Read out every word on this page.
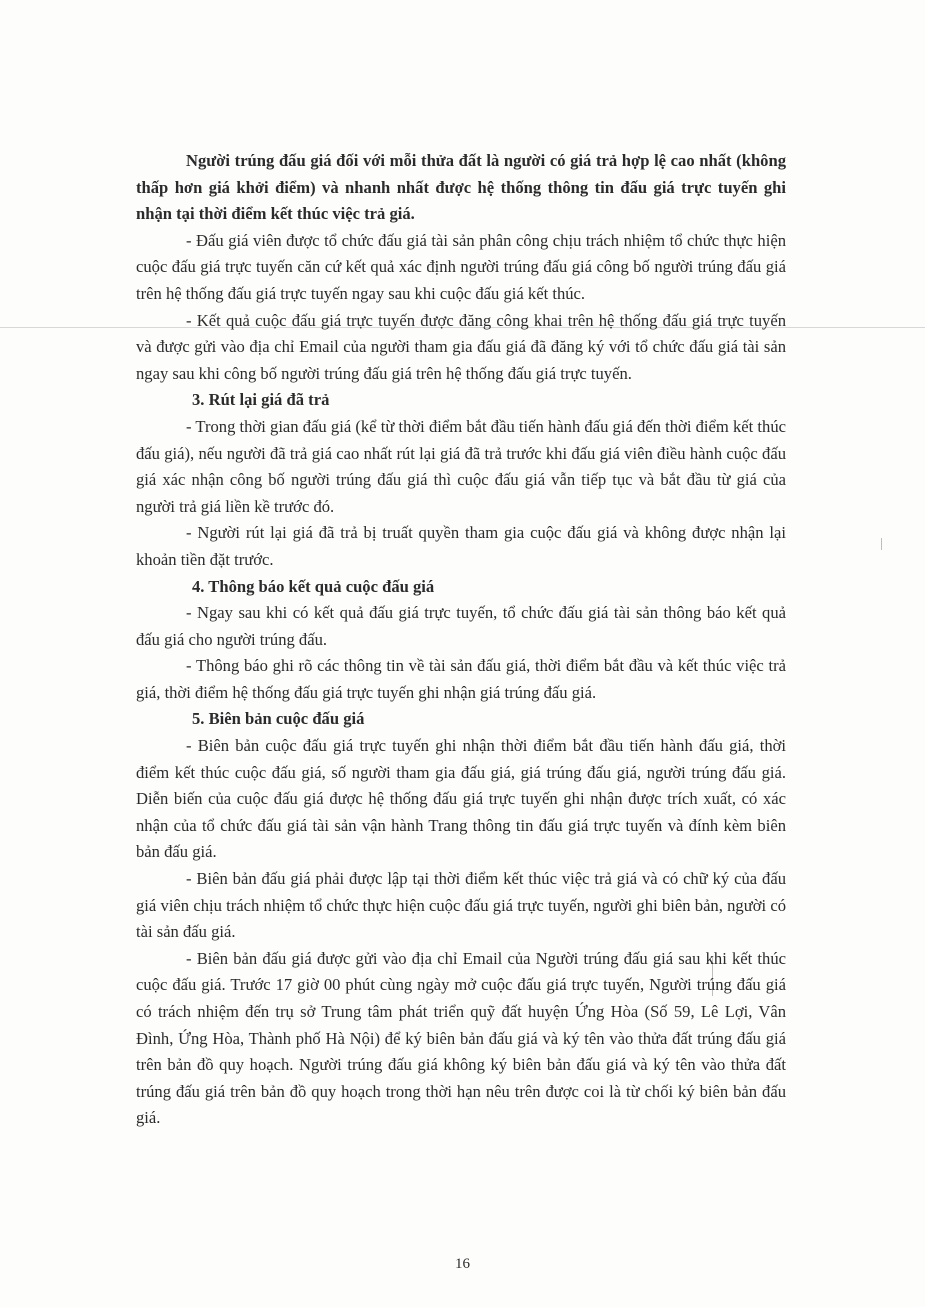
Người trúng đấu giá đối với mỗi thửa đất là người có giá trả hợp lệ cao nhất (không thấp hơn giá khởi điểm) và nhanh nhất được hệ thống thông tin đấu giá trực tuyến ghi nhận tại thời điểm kết thúc việc trả giá.

- Đấu giá viên được tổ chức đấu giá tài sản phân công chịu trách nhiệm tổ chức thực hiện cuộc đấu giá trực tuyến căn cứ kết quả xác định người trúng đấu giá công bố người trúng đấu giá trên hệ thống đấu giá trực tuyến ngay sau khi cuộc đấu giá kết thúc.

- Kết quả cuộc đấu giá trực tuyến được đăng công khai trên hệ thống đấu giá trực tuyến và được gửi vào địa chỉ Email của người tham gia đấu giá đã đăng ký với tổ chức đấu giá tài sản ngay sau khi công bố người trúng đấu giá trên hệ thống đấu giá trực tuyến.

3. Rút lại giá đã trả

- Trong thời gian đấu giá (kể từ thời điểm bắt đầu tiến hành đấu giá đến thời điểm kết thúc đấu giá), nếu người đã trả giá cao nhất rút lại giá đã trả trước khi đấu giá viên điều hành cuộc đấu giá xác nhận công bố người trúng đấu giá thì cuộc đấu giá vẫn tiếp tục và bắt đầu từ giá của người trả giá liền kề trước đó.

- Người rút lại giá đã trả bị truất quyền tham gia cuộc đấu giá và không được nhận lại khoản tiền đặt trước.

4. Thông báo kết quả cuộc đấu giá

- Ngay sau khi có kết quả đấu giá trực tuyến, tổ chức đấu giá tài sản thông báo kết quả đấu giá cho người trúng đấu.

- Thông báo ghi rõ các thông tin về tài sản đấu giá, thời điểm bắt đầu và kết thúc việc trả giá, thời điểm hệ thống đấu giá trực tuyến ghi nhận giá trúng đấu giá.

5. Biên bản cuộc đấu giá

- Biên bản cuộc đấu giá trực tuyến ghi nhận thời điểm bắt đầu tiến hành đấu giá, thời điểm kết thúc cuộc đấu giá, số người tham gia đấu giá, giá trúng đấu giá, người trúng đấu giá. Diễn biến của cuộc đấu giá được hệ thống đấu giá trực tuyến ghi nhận được trích xuất, có xác nhận của tổ chức đấu giá tài sản vận hành Trang thông tin đấu giá trực tuyến và đính kèm biên bản đấu giá.

- Biên bản đấu giá phải được lập tại thời điểm kết thúc việc trả giá và có chữ ký của đấu giá viên chịu trách nhiệm tổ chức thực hiện cuộc đấu giá trực tuyến, người ghi biên bản, người có tài sản đấu giá.

- Biên bản đấu giá được gửi vào địa chỉ Email của Người trúng đấu giá sau khi kết thúc cuộc đấu giá. Trước 17 giờ 00 phút cùng ngày mở cuộc đấu giá trực tuyến, Người trúng đấu giá có trách nhiệm đến trụ sở Trung tâm phát triển quỹ đất huyện Ứng Hòa (Số 59, Lê Lợi, Vân Đình, Ứng Hòa, Thành phố Hà Nội) để ký biên bản đấu giá và ký tên vào thửa đất trúng đấu giá trên bản đồ quy hoạch. Người trúng đấu giá không ký biên bản đấu giá và ký tên vào thửa đất trúng đấu giá trên bản đồ quy hoạch trong thời hạn nêu trên được coi là từ chối ký biên bản đấu giá.

16
